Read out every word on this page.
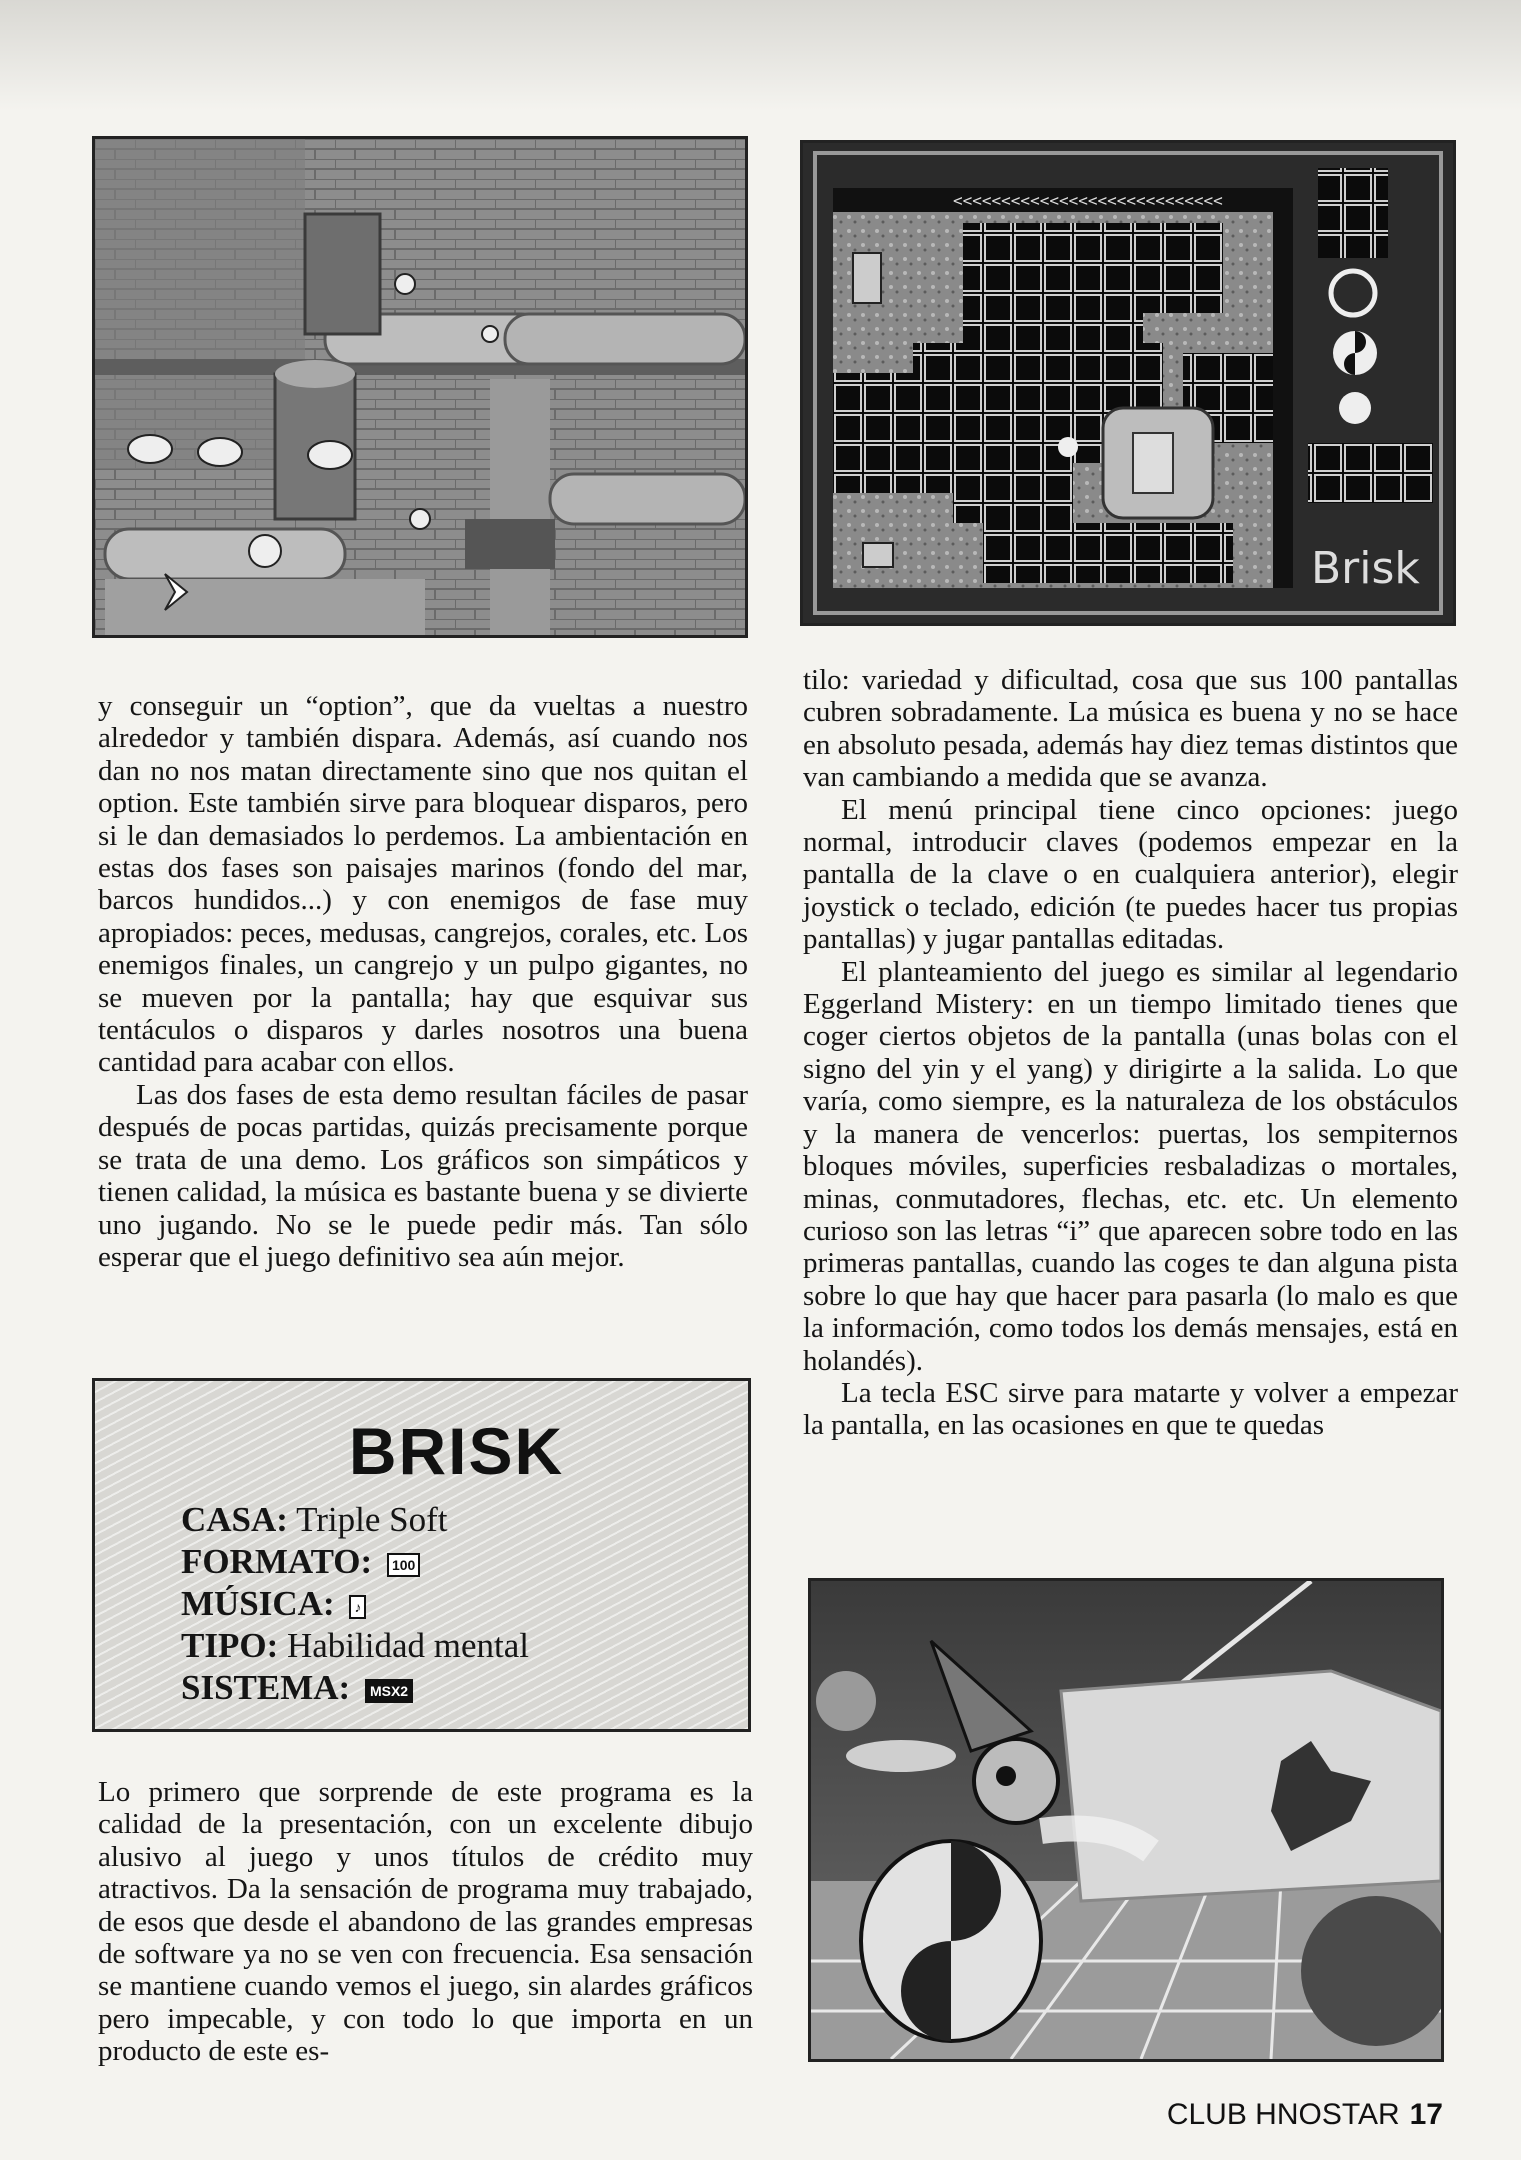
<<<<<<<<<<<<<<<<<<<<<<<<<<<<
Brisk

y conseguir un “option”, que da vueltas a nuestro alrededor y también dispara. Además, así cuando nos dan no nos matan directamente sino que nos quitan el option. Este también sirve para bloquear disparos, pero si le dan demasiados lo perdemos. La ambientación en estas dos fases son paisajes marinos (fondo del mar, barcos hundidos...) y con enemigos de fase muy apropiados: peces, medusas, cangrejos, corales, etc. Los enemigos finales, un cangrejo y un pulpo gigantes, no se mueven por la pantalla; hay que esquivar sus tentáculos o disparos y darles nosotros una buena cantidad para acabar con ellos.

Las dos fases de esta demo resultan fáciles de pasar después de pocas partidas, quizás precisamente porque se trata de una demo. Los gráficos son simpáticos y tienen calidad, la música es bastante buena y se divierte uno jugando. No se le puede pedir más. Tan sólo esperar que el juego definitivo sea aún mejor.

BRISK
CASA: Triple Soft
FORMATO: 100
MÚSICA: ♪
TIPO: Habilidad mental
SISTEMA: MSX2

Lo primero que sorprende de este programa es la calidad de la presentación, con un excelente dibujo alusivo al juego y unos títulos de crédito muy atractivos. Da la sensación de programa muy trabajado, de esos que desde el abandono de las grandes empresas de software ya no se ven con frecuencia. Esa sensación se mantiene cuando vemos el juego, sin alardes gráficos pero impecable, y con todo lo que importa en un producto de este es-

tilo: variedad y dificultad, cosa que sus 100 pantallas cubren sobradamente. La música es buena y no se hace en absoluto pesada, además hay diez temas distintos que van cambiando a medida que se avanza.

El menú principal tiene cinco opciones: juego normal, introducir claves (podemos empezar en la pantalla de la clave o en cualquiera anterior), elegir joystick o teclado, edición (te puedes hacer tus propias pantallas) y jugar pantallas editadas.

El planteamiento del juego es similar al legendario Eggerland Mistery: en un tiempo limitado tienes que coger ciertos objetos de la pantalla (unas bolas con el signo del yin y el yang) y dirigirte a la salida. Lo que varía, como siempre, es la naturaleza de los obstáculos y la manera de vencerlos: puertas, los sempiternos bloques móviles, superficies resbaladizas o mortales, minas, conmutadores, flechas, etc. etc. Un elemento curioso son las letras “i” que aparecen sobre todo en las primeras pantallas, cuando las coges te dan alguna pista sobre lo que hay que hacer para pasarla (lo malo es que la información, como todos los demás mensajes, está en holandés).

La tecla ESC sirve para matarte y volver a empezar la pantalla, en las ocasiones en que te quedas

CLUB HNOSTAR 17
